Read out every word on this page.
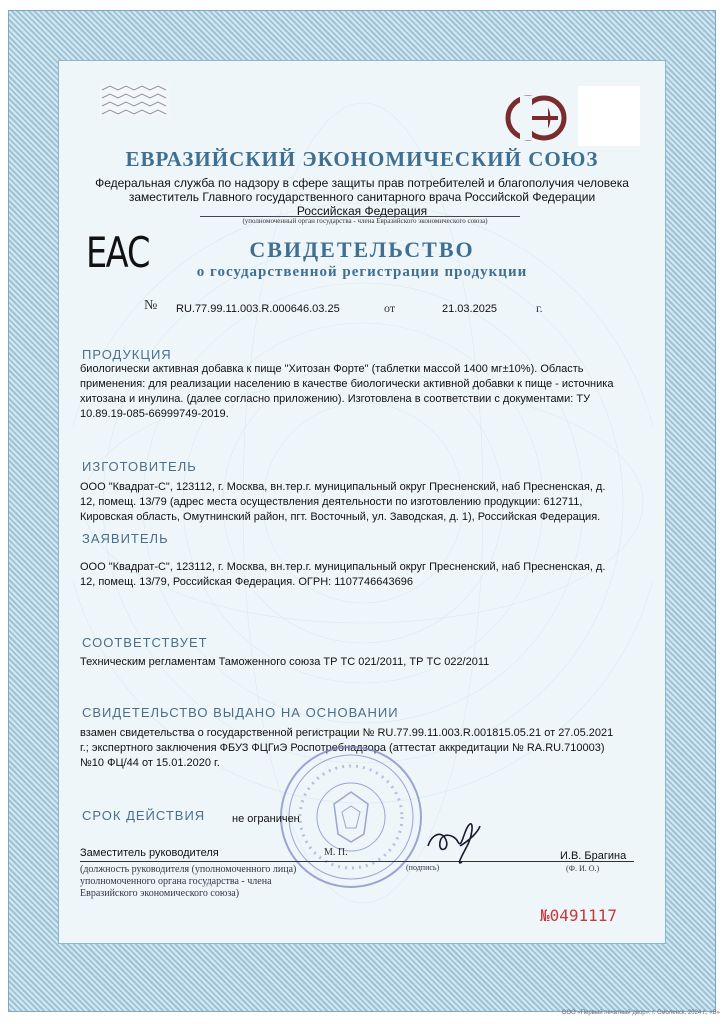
ЕВРАЗИЙСКИЙ ЭКОНОМИЧЕСКИЙ СОЮЗ
Федеральная служба по надзору в сфере защиты прав потребителей и благополучия человека
заместитель Главного государственного санитарного врача Российской Федерации
Российская Федерация
(уполномоченный орган государства - члена Евразийского экономического союза)
ЕАС	СВИДЕТЕЛЬСТВО
о государственной регистрации продукции
№ RU.77.99.11.003.R.000646.03.25	от	21.03.2025	г.
ПРОДУКЦИЯ
биологически активная добавка к пище "Хитозан Форте" (таблетки массой 1400 мг±10%). Область применения: для реализации населению в качестве биологически активной добавки к пище - источника хитозана и инулина. (далее согласно приложению). Изготовлена в соответствии с документами: ТУ 10.89.19-085-66999749-2019.
ИЗГОТОВИТЕЛЬ
ООО "Квадрат-С", 123112, г. Москва, вн.тер.г. муниципальный округ Пресненский, наб Пресненская, д. 12, помещ. 13/79 (адрес места осуществления деятельности по изготовлению продукции: 612711, Кировская область, Омутнинский район, пгт. Восточный, ул. Заводская, д. 1), Российская Федерация.
ЗАЯВИТЕЛЬ
ООО "Квадрат-С", 123112, г. Москва, вн.тер.г. муниципальный округ Пресненский, наб Пресненская, д. 12, помещ. 13/79, Российская Федерация. ОГРН: 1107746643696
СООТВЕТСТВУЕТ
Техническим регламентам Таможенного союза ТР ТС 021/2011, ТР ТС 022/2011
СВИДЕТЕЛЬСТВО ВЫДАНО НА ОСНОВАНИИ
взамен свидетельства о государственной регистрации № RU.77.99.11.003.R.001815.05.21 от 27.05.2021 г.; экспертного заключения ФБУЗ ФЦГиЭ Роспотребнадзора (аттестат аккредитации № RA.RU.710003) №10 ФЦ/44 от 15.01.2020 г.
СРОК ДЕЙСТВИЯ не ограничен
Заместитель руководителя	М. П.
(подпись)
И.В. Брагина
(Ф. И. О.)
(должность руководителя (уполномоченного лица) уполномоченного органа государства - члена Евразийского экономического союза)
№0491117
ООО «Первый печатный двор», г. Смоленск, 2024 г., «В»
